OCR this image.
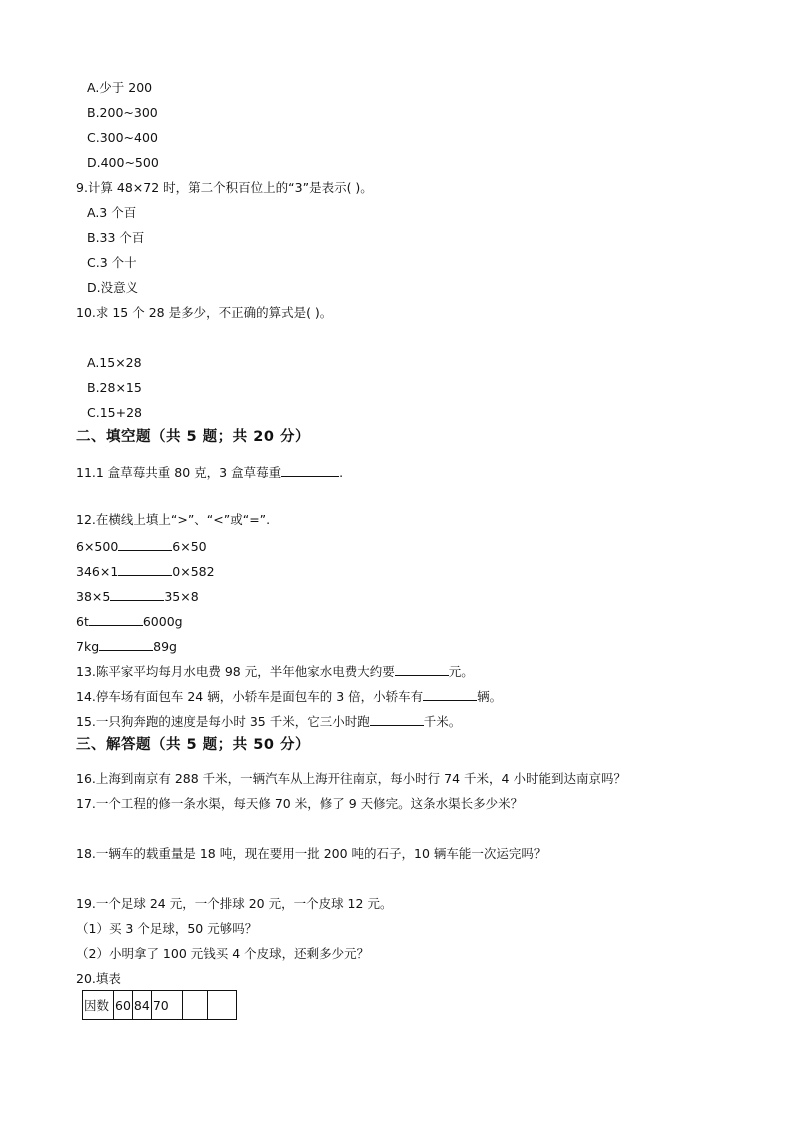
A.少于 200
B.200~300
C.300~400
D.400~500
9.计算 48×72 时，第二个积百位上的“3”是表示( )。
A.3 个百
B.33 个百
C.3 个十
D.没意义
10.求 15 个 28 是多少，不正确的算式是( )。
A.15×28
B.28×15
C.15+28
二、填空题（共 5 题；共 20 分）
11.1 盒草莓共重 80 克，3 盒草莓重	.
12.在横线上填上“>”、“<”或“=”.
6×500	6×50
346×1	0×582
38×5	35×8
6t	6000g
7kg	89g
13.陈平家平均每月水电费 98 元，半年他家水电费大约要	元。
14.停车场有面包车 24 辆，小轿车是面包车的 3 倍，小轿车有	辆。
15.一只狗奔跑的速度是每小时 35 千米，它三小时跑	千米。
三、解答题（共 5 题；共 50 分）
16.上海到南京有 288 千米，一辆汽车从上海开往南京，每小时行 74 千米，4 小时能到达南京吗？
17.一个工程的修一条水渠，每天修 70 米，修了 9 天修完。这条水渠长多少米？
18.一辆车的载重量是 18 吨，现在要用一批 200 吨的石子，10 辆车能一次运完吗？
19.一个足球 24 元，一个排球 20 元，一个皮球 12 元。
（1）买 3 个足球，50 元够吗？
（2）小明拿了 100 元钱买 4 个皮球，还剩多少元？
20.填表
因数	60	84	70		
